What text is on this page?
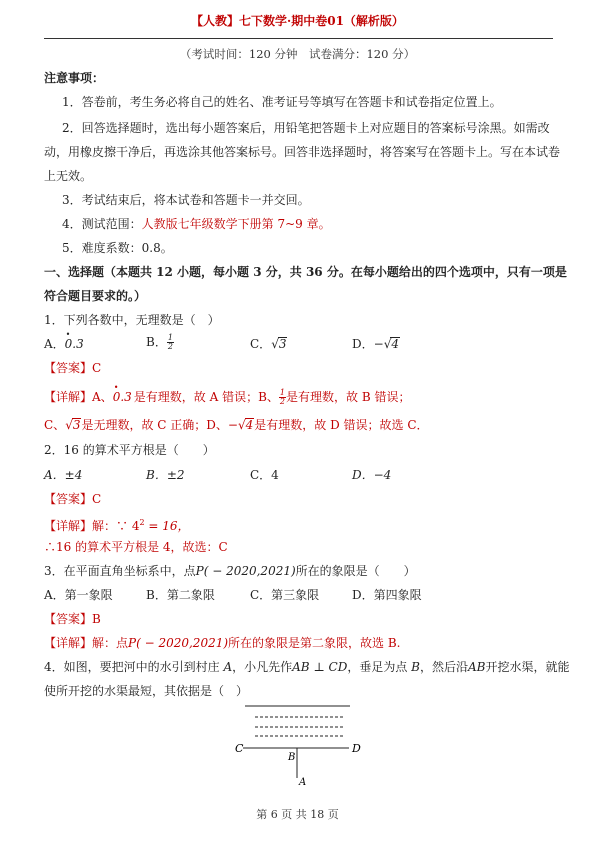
【人教】七下数学·期中卷01（解析版）
（考试时间：120 分钟　试卷满分：120 分）
注意事项：
1．答卷前，考生务必将自己的姓名、准考证号等填写在答题卡和试卷指定位置上。
2．回答选择题时，选出每小题答案后，用铅笔把答题卡上对应题目的答案标号涂黑。如需改
动，用橡皮擦干净后，再选涂其他答案标号。回答非选择题时，将答案写在答题卡上。写在本试卷
上无效。
3．考试结束后，将本试卷和答题卡一并交回。
4．测试范围：人教版七年级数学下册第 7~9 章。
5．难度系数：0.8。
一、选择题（本题共 12 小题，每小题 3 分，共 36 分。在每小题给出的四个选项中，只有一项是
符合题目要求的。）
1．下列各数中，无理数是（　）
A．• 0.3	B． $\frac{1}{2}$	C．√3	D．−√4
【答案】C
【详解】A、• 0.3 是有理数，故 A 错误；B、 $\frac{1}{2}$ 是有理数，故 B 错误；
C、√3是无理数，故 C 正确；D、−√4是有理数，故 D 错误；故选 C．
2．16 的算术平方根是（　　）
A．±4	B．±2	C．4	D．−4
【答案】C
【详解】解：∵ $4^2 = 16$，
∴16 的算术平方根是 4，故选：C
3．在平面直角坐标系中，点P( − 2020,2021)所在的象限是（　　）
A．第一象限	B．第二象限	C．第三象限	D．第四象限
【答案】B
【详解】解：点P( − 2020,2021)所在的象限是第二象限，故选 B.
4．如图，要把河中的水引到村庄 A，小凡先作AB ⊥ CD，垂足为点 B，然后沿AB开挖水渠，就能
使所开挖的水渠最短，其依据是（　）
C	D
B
A
第 6 页 共 18 页
